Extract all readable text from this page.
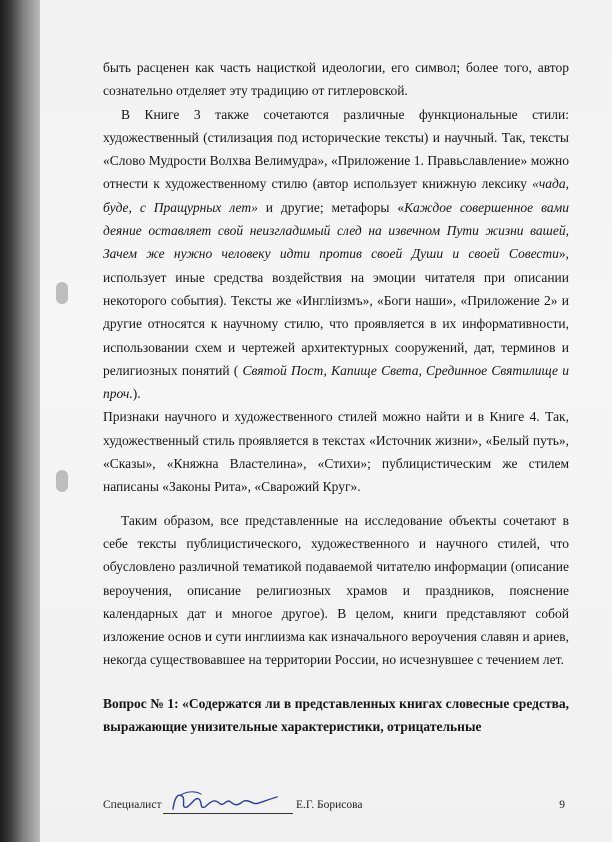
быть расценен как часть нацисткой идеологии, его символ; более того, автор сознательно отделяет эту традицию от гитлеровской.

В Книге 3 также сочетаются различные функциональные стили: художественный (стилизация под исторические тексты) и научный. Так, тексты «Слово Мудрости Волхва Велимудра», «Приложение 1. Правьславление» можно отнести к художественному стилю (автор использует книжную лексику «чада, буде, с Пращурных лет» и другие; метафоры «Каждое совершенное вами деяние оставляет свой неизгладимый след на извечном Пути жизни вашей, Зачем же нужно человеку идти против своей Души и своей Совести», использует иные средства воздействия на эмоции читателя при описании некоторого события). Тексты же «Инглiизмъ», «Боги наши», «Приложение 2» и другие относятся к научному стилю, что проявляется в их информативности, использовании схем и чертежей архитектурных сооружений, дат, терминов и религиозных понятий ( Святой Пост, Капище Света, Срединное Святилище и проч.).

Признаки научного и художественного стилей можно найти и в Книге 4. Так, художественный стиль проявляется в текстах «Источник жизни», «Белый путь», «Сказы», «Княжна Властелина», «Стихи»; публицистическим же стилем написаны «Законы Рита», «Сварожий Круг».

Таким образом, все представленные на исследование объекты сочетают в себе тексты публицистического, художественного и научного стилей, что обусловлено различной тематикой подаваемой читателю информации (описание вероучения, описание религиозных храмов и праздников, пояснение календарных дат и многое другое). В целом, книги представляют собой изложение основ и сути инглиизма как изначального вероучения славян и ариев, некогда существовавшее на территории России, но исчезнувшее с течением лет.

Вопрос № 1: «Содержатся ли в представленных книгах словесные средства, выражающие унизительные характеристики, отрицательные

Специалист	Е.Г. Борисова	9
